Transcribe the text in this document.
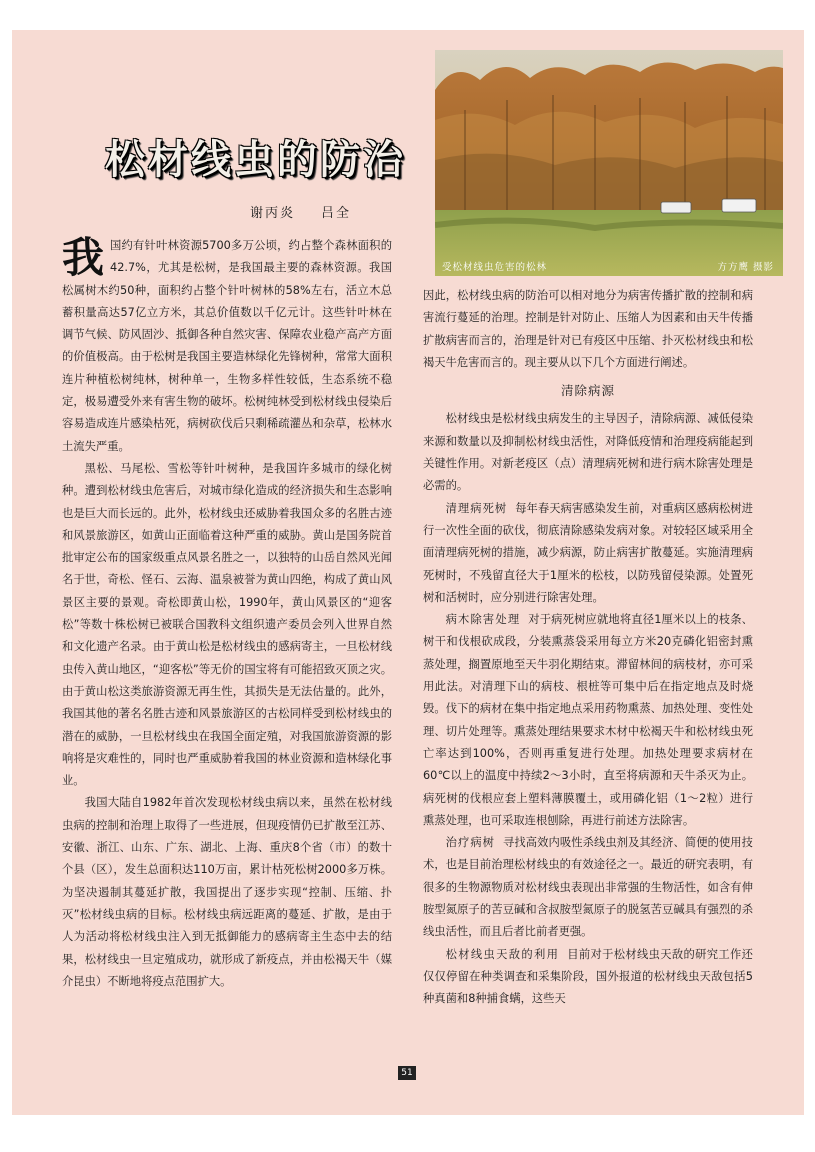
受松材线虫危害的松林	方方鹰 摄影
松材线虫的防治
谢丙炎 吕全

我国约有针叶林资源5700多万公顷，约占整个森林面积的42.7%，尤其是松树，是我国最主要的森林资源。我国松属树木约50种，面积约占整个针叶树林的58%左右，活立木总蓄积量高达57亿立方米，其总价值数以千亿元计。这些针叶林在调节气候、防风固沙、抵御各种自然灾害、保障农业稳产高产方面的价值极高。由于松树是我国主要造林绿化先锋树种，常常大面积连片种植松树纯林，树种单一，生物多样性较低，生态系统不稳定，极易遭受外来有害生物的破坏。松树纯林受到松材线虫侵染后容易造成连片感染枯死，病树砍伐后只剩稀疏灌丛和杂草，松林水土流失严重。

黑松、马尾松、雪松等针叶树种，是我国许多城市的绿化树种。遭到松材线虫危害后，对城市绿化造成的经济损失和生态影响也是巨大而长远的。此外，松材线虫还威胁着我国众多的名胜古迹和风景旅游区，如黄山正面临着这种严重的威胁。黄山是国务院首批审定公布的国家级重点风景名胜之一，以独特的山岳自然风光闻名于世，奇松、怪石、云海、温泉被誉为黄山四绝，构成了黄山风景区主要的景观。奇松即黄山松，1990年，黄山风景区的“迎客松”等数十株松树已被联合国教科文组织遗产委员会列入世界自然和文化遗产名录。由于黄山松是松材线虫的感病寄主，一旦松材线虫传入黄山地区，“迎客松”等无价的国宝将有可能招致灭顶之灾。由于黄山松这类旅游资源无再生性，其损失是无法估量的。此外，我国其他的著名名胜古迹和风景旅游区的古松同样受到松材线虫的潜在的威胁，一旦松材线虫在我国全面定殖，对我国旅游资源的影响将是灾难性的，同时也严重威胁着我国的林业资源和造林绿化事业。

我国大陆自1982年首次发现松材线虫病以来，虽然在松材线虫病的控制和治理上取得了一些进展，但现疫情仍已扩散至江苏、安徽、浙江、山东、广东、湖北、上海、重庆8个省（市）的数十个县（区），发生总面积达110万亩，累计枯死松树2000多万株。为坚决遏制其蔓延扩散，我国提出了逐步实现“控制、压缩、扑灭”松材线虫病的目标。松材线虫病远距离的蔓延、扩散，是由于人为活动将松材线虫注入到无抵御能力的感病寄主生态中去的结果，松材线虫一旦定殖成功，就形成了新疫点，并由松褐天牛（媒介昆虫）不断地将疫点范围扩大。

因此，松材线虫病的防治可以相对地分为病害传播扩散的控制和病害流行蔓延的治理。控制是针对防止、压缩人为因素和由天牛传播扩散病害而言的，治理是针对已有疫区中压缩、扑灭松材线虫和松褐天牛危害而言的。现主要从以下几个方面进行阐述。

清除病源

松材线虫是松材线虫病发生的主导因子，清除病源、减低侵染来源和数量以及抑制松材线虫活性，对降低疫情和治理疫病能起到关键性作用。对新老疫区（点）清理病死树和进行病木除害处理是必需的。

清理病死树 每年春天病害感染发生前，对重病区感病松树进行一次性全面的砍伐，彻底清除感染发病对象。对较轻区域采用全面清理病死树的措施，减少病源，防止病害扩散蔓延。实施清理病死树时，不残留直径大于1厘米的松枝，以防残留侵染源。处置死树和活树时，应分别进行除害处理。

病木除害处理 对于病死树应就地将直径1厘米以上的枝条、树干和伐根砍成段，分装熏蒸袋采用每立方米20克磷化铝密封熏蒸处理，搁置原地至天牛羽化期结束。滞留林间的病枝材，亦可采用此法。对清理下山的病枝、根桩等可集中后在指定地点及时烧毁。伐下的病材在集中指定地点采用药物熏蒸、加热处理、变性处理、切片处理等。熏蒸处理结果要求木材中松褐天牛和松材线虫死亡率达到100%，否则再重复进行处理。加热处理要求病材在60℃以上的温度中持续2～3小时，直至将病源和天牛杀灭为止。病死树的伐根应套上塑料薄膜覆土，或用磷化铝（1～2粒）进行熏蒸处理，也可采取连根刨除，再进行前述方法除害。

治疗病树 寻找高效内吸性杀线虫剂及其经济、简便的使用技术，也是目前治理松材线虫的有效途径之一。最近的研究表明，有很多的生物源物质对松材线虫表现出非常强的生物活性，如含有伸胺型氮原子的苦豆碱和含叔胺型氮原子的脱氢苦豆碱具有强烈的杀线虫活性，而且后者比前者更强。

松材线虫天敌的利用 目前对于松材线虫天敌的研究工作还仅仅停留在种类调查和采集阶段，国外报道的松材线虫天敌包括5种真菌和8种捕食螨，这些天

51
